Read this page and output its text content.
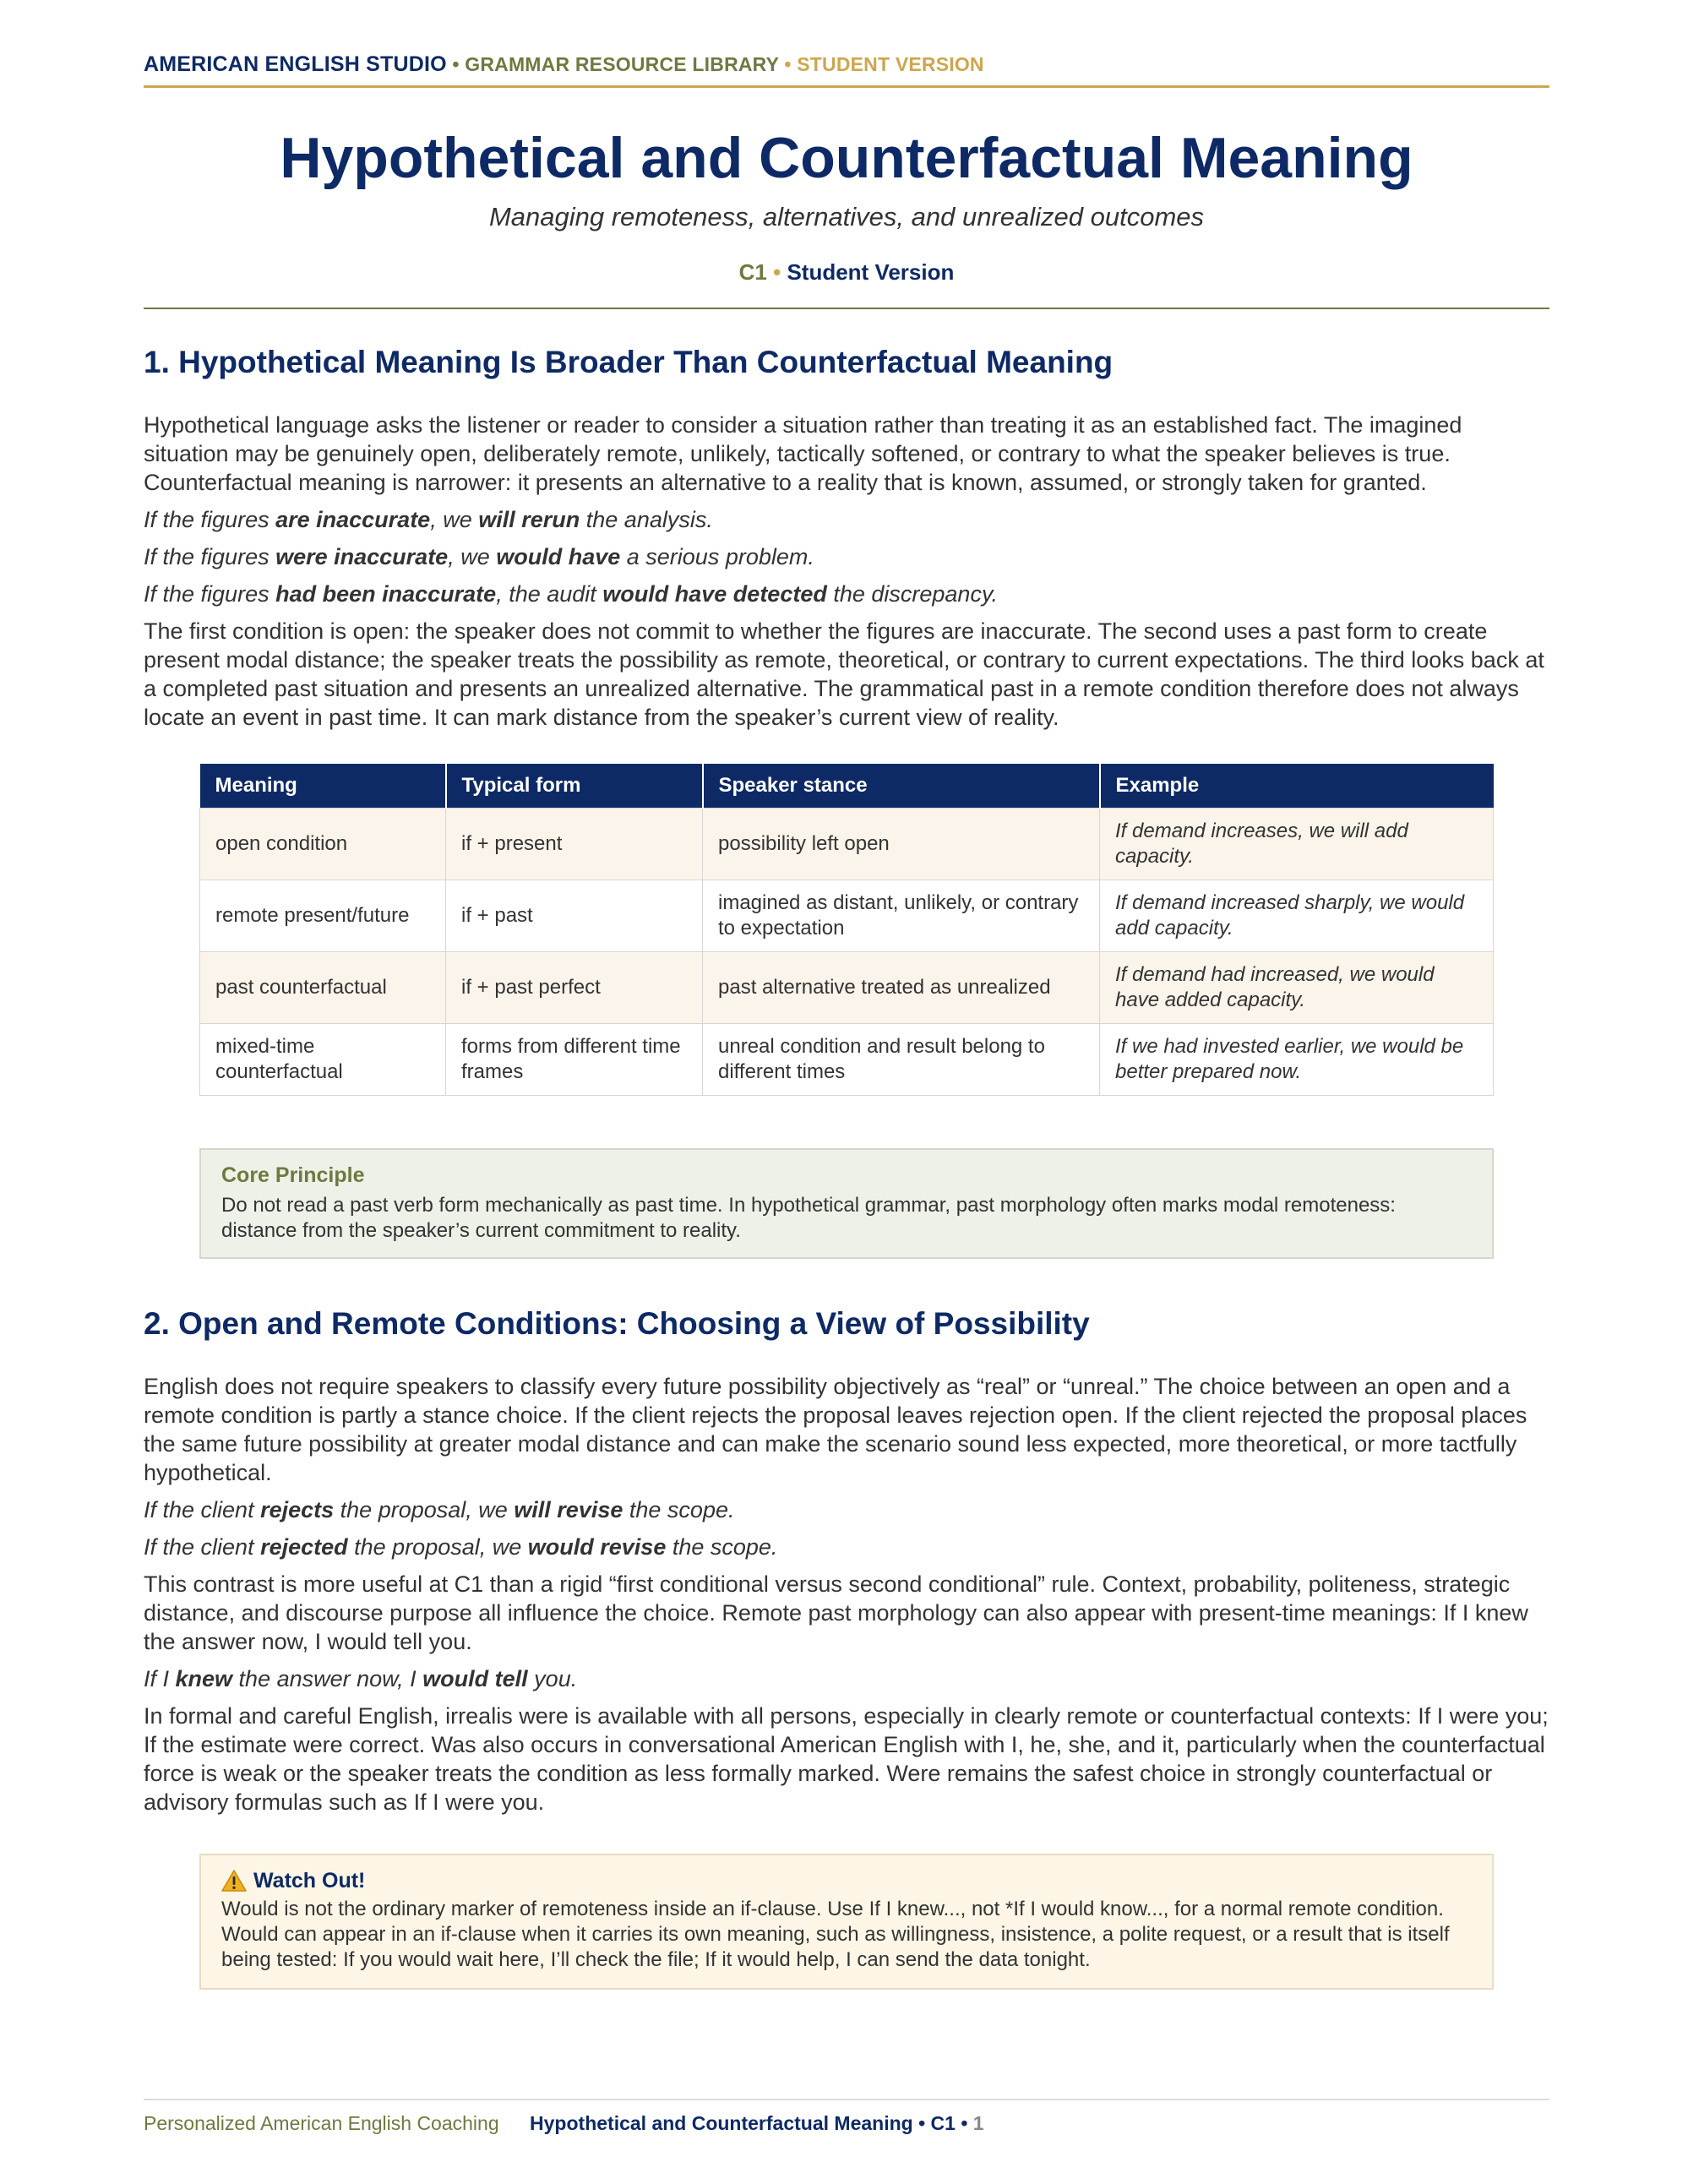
AMERICAN ENGLISH STUDIO • GRAMMAR RESOURCE LIBRARY • STUDENT VERSION
Hypothetical and Counterfactual Meaning
Managing remoteness, alternatives, and unrealized outcomes
C1 • Student Version
1. Hypothetical Meaning Is Broader Than Counterfactual Meaning

Hypothetical language asks the listener or reader to consider a situation rather than treating it as an established fact. The imagined situation may be genuinely open, deliberately remote, unlikely, tactically softened, or contrary to what the speaker believes is true. Counterfactual meaning is narrower: it presents an alternative to a reality that is known, assumed, or strongly taken for granted.

If the figures are inaccurate, we will rerun the analysis.

If the figures were inaccurate, we would have a serious problem.

If the figures had been inaccurate, the audit would have detected the discrepancy.

The first condition is open: the speaker does not commit to whether the figures are inaccurate. The second uses a past form to create present modal distance; the speaker treats the possibility as remote, theoretical, or contrary to current expectations. The third looks back at a completed past situation and presents an unrealized alternative. The grammatical past in a remote condition therefore does not always locate an event in past time. It can mark distance from the speaker’s current view of reality.

Meaning	Typical form	Speaker stance	Example
open condition	if + present	possibility left open	If demand increases, we will add capacity.
remote present/future	if + past	imagined as distant, unlikely, or contrary to expectation	If demand increased sharply, we would add capacity.
past counterfactual	if + past perfect	past alternative treated as unrealized	If demand had increased, we would have added capacity.
mixed-time counterfactual	forms from different time frames	unreal condition and result belong to different times	If we had invested earlier, we would be better prepared now.
Core Principle
Do not read a past verb form mechanically as past time. In hypothetical grammar, past morphology often marks modal remoteness: distance from the speaker’s current commitment to reality.
2. Open and Remote Conditions: Choosing a View of Possibility

English does not require speakers to classify every future possibility objectively as “real” or “unreal.” The choice between an open and a remote condition is partly a stance choice. If the client rejects the proposal leaves rejection open. If the client rejected the proposal places the same future possibility at greater modal distance and can make the scenario sound less expected, more theoretical, or more tactfully hypothetical.

If the client rejects the proposal, we will revise the scope.

If the client rejected the proposal, we would revise the scope.

This contrast is more useful at C1 than a rigid “first conditional versus second conditional” rule. Context, probability, politeness, strategic distance, and discourse purpose all influence the choice. Remote past morphology can also appear with present-time meanings: If I knew the answer now, I would tell you.

If I knew the answer now, I would tell you.

In formal and careful English, irrealis were is available with all persons, especially in clearly remote or counterfactual contexts: If I were you; If the estimate were correct. Was also occurs in conversational American English with I, he, she, and it, particularly when the counterfactual force is weak or the speaker treats the condition as less formally marked. Were remains the safest choice in strongly counterfactual or advisory formulas such as If I were you.

Watch Out!
Would is not the ordinary marker of remoteness inside an if-clause. Use If I knew..., not *If I would know..., for a normal remote condition. Would can appear in an if-clause when it carries its own meaning, such as willingness, insistence, a polite request, or a result that is itself being tested: If you would wait here, I’ll check the file; If it would help, I can send the data tonight.
Personalized American English Coaching Hypothetical and Counterfactual Meaning • C1 • 1
